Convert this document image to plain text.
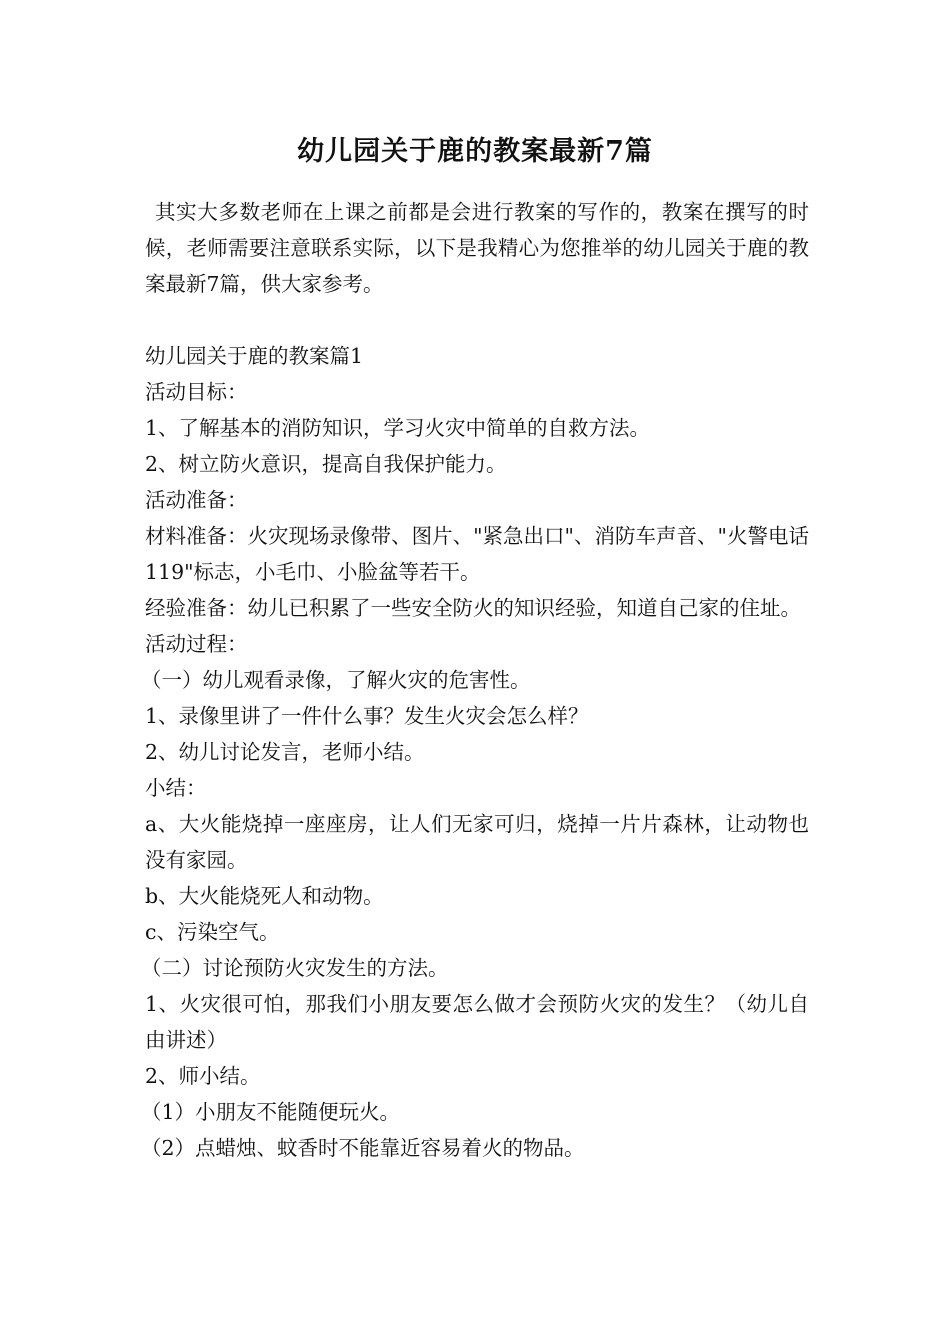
幼儿园关于鹿的教案最新7篇

其实大多数老师在上课之前都是会进行教案的写作的，教案在撰写的时候，老师需要注意联系实际，以下是我精心为您推举的幼儿园关于鹿的教案最新7篇，供大家参考。

幼儿园关于鹿的教案篇1

活动目标：

1、了解基本的消防知识，学习火灾中简单的自救方法。

2、树立防火意识，提高自我保护能力。

活动准备：

材料准备：火灾现场录像带、图片、"紧急出口"、消防车声音、"火警电话119"标志，小毛巾、小脸盆等若干。

经验准备：幼儿已积累了一些安全防火的知识经验，知道自己家的住址。

活动过程：

（一）幼儿观看录像，了解火灾的危害性。

1、录像里讲了一件什么事？发生火灾会怎么样？

2、幼儿讨论发言，老师小结。

小结：

a、大火能烧掉一座座房，让人们无家可归，烧掉一片片森林，让动物也没有家园。

b、大火能烧死人和动物。

c、污染空气。

（二）讨论预防火灾发生的方法。

1、火灾很可怕，那我们小朋友要怎么做才会预防火灾的发生？（幼儿自由讲述）

2、师小结。

（1）小朋友不能随便玩火。

（2）点蜡烛、蚊香时不能靠近容易着火的物品。
